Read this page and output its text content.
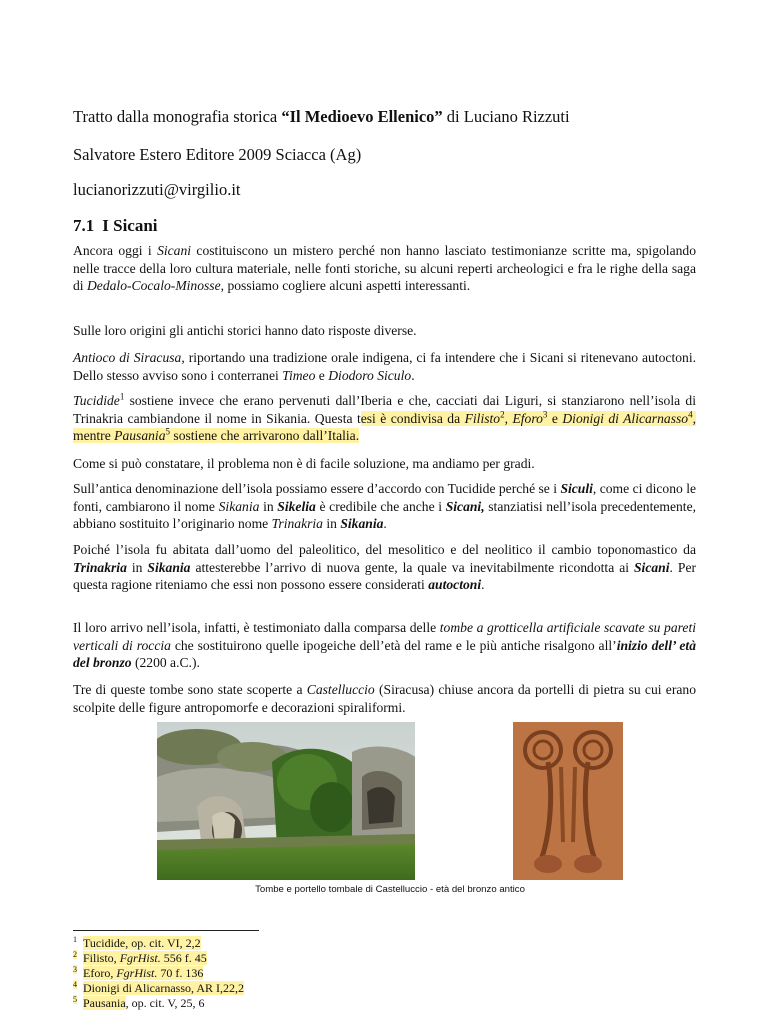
Tratto dalla monografia storica “Il Medioevo Ellenico” di Luciano Rizzuti
Salvatore Estero Editore 2009 Sciacca (Ag)
lucianorizzuti@virgilio.it
7.1 I Sicani
Ancora oggi i Sicani costituiscono un mistero perché non hanno lasciato testimonianze scritte ma, spigolando nelle tracce della loro cultura materiale, nelle fonti storiche, su alcuni reperti archeologici e fra le righe della saga di Dedalo-Cocalo-Minosse, possiamo cogliere alcuni aspetti interessanti.
Sulle loro origini gli antichi storici hanno dato risposte diverse.
Antioco di Siracusa, riportando una tradizione orale indigena, ci fa intendere che i Sicani si ritenevano autoctoni. Dello stesso avviso sono i conterranei Timeo e Diodoro Siculo.
Tucidide$^1$ sostiene invece che erano pervenuti dall’Iberia e che, cacciati dai Liguri, si stanziarono nell’isola di Trinakria cambiandone il nome in Sikania. Questa tesi è condivisa da Filisto$^2$, Eforo$^3$ e Dionigi di Alicarnasso$^4$, mentre Pausania$^5$ sostiene che arrivarono dall’Italia.
Come si può constatare, il problema non è di facile soluzione, ma andiamo per gradi.
Sull’antica denominazione dell’isola possiamo essere d’accordo con Tucidide perché se i Siculi, come ci dicono le fonti, cambiarono il nome Sikania in Sikelia è credibile che anche i Sicani, stanziatisi nell’isola precedentemente, abbiano sostituito l’originario nome Trinakria in Sikania.
Poiché l’isola fu abitata dall’uomo del paleolitico, del mesolitico e del neolitico il cambio toponomastico da Trinakria in Sikania attesterebbe l’arrivo di nuova gente, la quale va inevitabilmente ricondotta ai Sicani. Per questa ragione riteniamo che essi non possono essere considerati autoctoni.
Il loro arrivo nell’isola, infatti, è testimoniato dalla comparsa delle tombe a grotticella artificiale scavate su pareti verticali di roccia che sostituirono quelle ipogeiche dell’età del rame e le più antiche risalgono all’inizio dell’ età del bronzo (2200 a.C.).
Tre di queste tombe sono state scoperte a Castelluccio (Siracusa) chiuse ancora da portelli di pietra su cui erano scolpite delle figure antropomorfe e decorazioni spiraliformi.
Tombe e portello tombale di Castelluccio - età del bronzo antico
$^1$ Tucidide, op. cit. VI, 2,2
$^2$ Filisto, FgrHist. 556 f. 45
$^3$ Eforo, FgrHist. 70 f. 136
$^4$ Dionigi di Alicarnasso, AR I,22,2
$^5$ Pausania, op. cit. V, 25, 6
